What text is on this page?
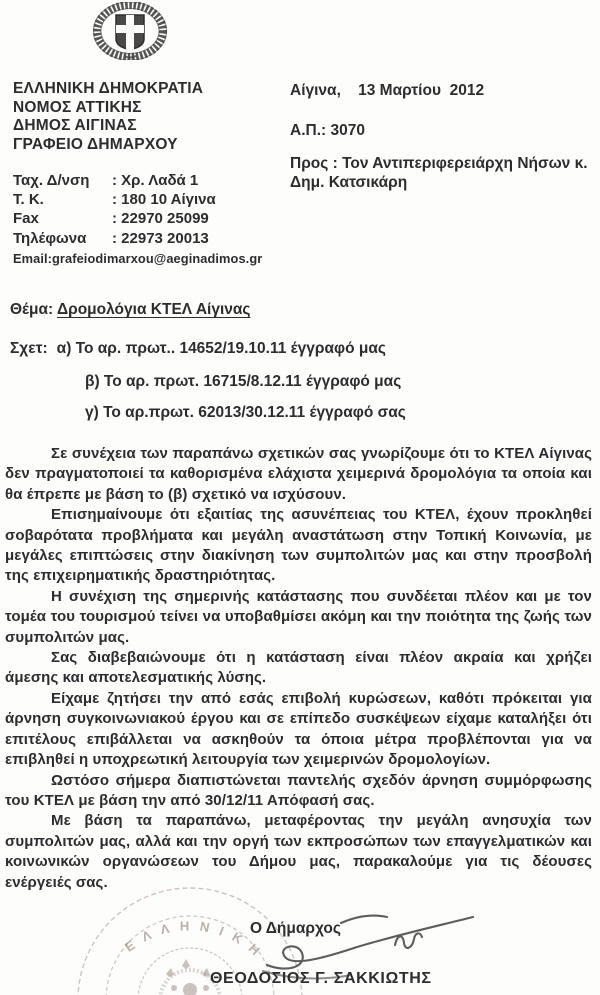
ΕΛΛΗΝΙΚΗ ΔΗΜΟΚΡΑΤΙΑ
ΝΟΜΟΣ ΑΤΤΙΚΗΣ
ΔΗΜΟΣ ΑΙΓΙΝΑΣ
ΓΡΑΦΕΙΟ ΔΗΜΑΡΧΟΥ
Ταχ. Δ/νση : Χρ. Λαδά 1
Τ. Κ.	: 180 10 Αίγινα
Fax	: 22970 25099
Τηλέφωνα : 22973 20013
Email:grafeiodimarxou@aeginadimos.gr
Αίγινα,    13 Μαρτίου  2012
Α.Π.: 3070
Προς : Τον Αντιπεριφερειάρχη Νήσων κ.
Δημ. Κατσικάρη
Θέμα: Δρομολόγια ΚΤΕΛ Αίγινας
Σχετ: α) Το αρ. πρωτ.. 14652/19.10.11 έγγραφό μας
β) Το αρ. πρωτ. 16715/8.12.11 έγγραφό μας
γ) Το αρ.πρωτ. 62013/30.12.11 έγγραφό σας

Σε συνέχεια των παραπάνω σχετικών σας γνωρίζουμε ότι το ΚΤΕΛ Αίγινας δεν πραγματοποιεί τα καθορισμένα ελάχιστα χειμερινά δρομολόγια τα οποία και θα έπρεπε με βάση το (β) σχετικό να ισχύσουν.

Επισημαίνουμε ότι εξαιτίας της ασυνέπειας του ΚΤΕΛ, έχουν προκληθεί σοβαρότατα προβλήματα και μεγάλη αναστάτωση στην Τοπική Κοινωνία, με μεγάλες επιπτώσεις στην διακίνηση των συμπολιτών μας και στην προσβολή της επιχειρηματικής δραστηριότητας.

Η συνέχιση της σημερινής κατάστασης που συνδέεται πλέον και με τον τομέα του τουρισμού τείνει να υποβαθμίσει ακόμη και την ποιότητα της ζωής των συμπολιτών μας.

Σας διαβεβαιώνουμε ότι η κατάσταση είναι πλέον ακραία και χρήζει άμεσης και αποτελεσματικής λύσης.

Είχαμε ζητήσει την από εσάς επιβολή κυρώσεων, καθότι πρόκειται για άρνηση συγκοινωνιακού έργου και σε επίπεδο συσκέψεων είχαμε καταλήξει ότι επιτέλους επιβάλλεται να ασκηθούν τα όποια μέτρα προβλέπονται για να επιβληθεί η υποχρεωτική λειτουργία των χειμερινών δρομολογίων.

Ωστόσο σήμερα διαπιστώνεται παντελής σχεδόν άρνηση συμμόρφωσης του ΚΤΕΛ με βάση την από 30/12/11 Απόφασή σας.

Με βάση τα παραπάνω, μεταφέροντας την μεγάλη ανησυχία των συμπολιτών μας, αλλά και την οργή των εκπροσώπων των επαγγελματικών και κοινωνικών οργανώσεων του Δήμου μας, παρακαλούμε για τις δέουσες ενέργειές σας.

ΕΛΛΗΝΙΚΗ
Ο Δήμαρχος
ΘΕΟΔΟΣΙΟΣ Γ. ΣΑΚΚΙΩΤΗΣ
